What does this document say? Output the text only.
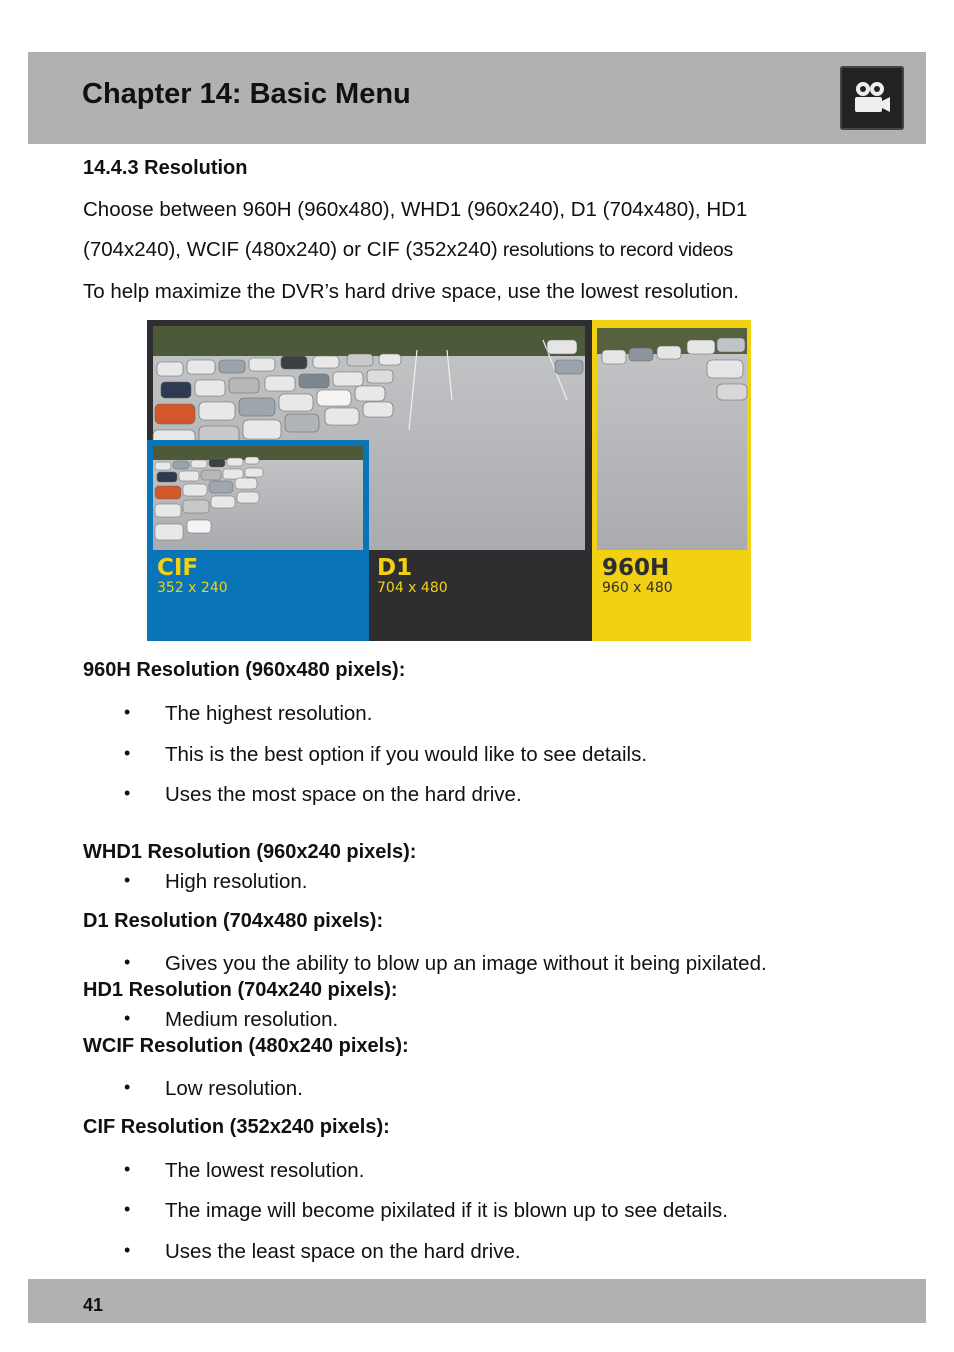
Chapter 14: Basic Menu
14.4.3 Resolution

Choose between 960H (960x480), WHD1 (960x240), D1 (704x480), HD1

(704x240), WCIF (480x240) or CIF (352x240) resolutions to record videos

To help maximize the DVR’s hard drive space, use the lowest resolution.

CIF
352 x 240
D1
704 x 480
960H
960 x 480
960H Resolution (960x480 pixels):
• The highest resolution.
• This is the best option if you would like to see details.
• Uses the most space on the hard drive.
WHD1 Resolution (960x240 pixels):
• High resolution.
D1 Resolution (704x480 pixels):
• Gives you the ability to blow up an image without it being pixilated.
HD1 Resolution (704x240 pixels):
• Medium resolution.
WCIF Resolution (480x240 pixels):
• Low resolution.
CIF Resolution (352x240 pixels):
• The lowest resolution.
• The image will become pixilated if it is blown up to see details.
• Uses the least space on the hard drive.

41
